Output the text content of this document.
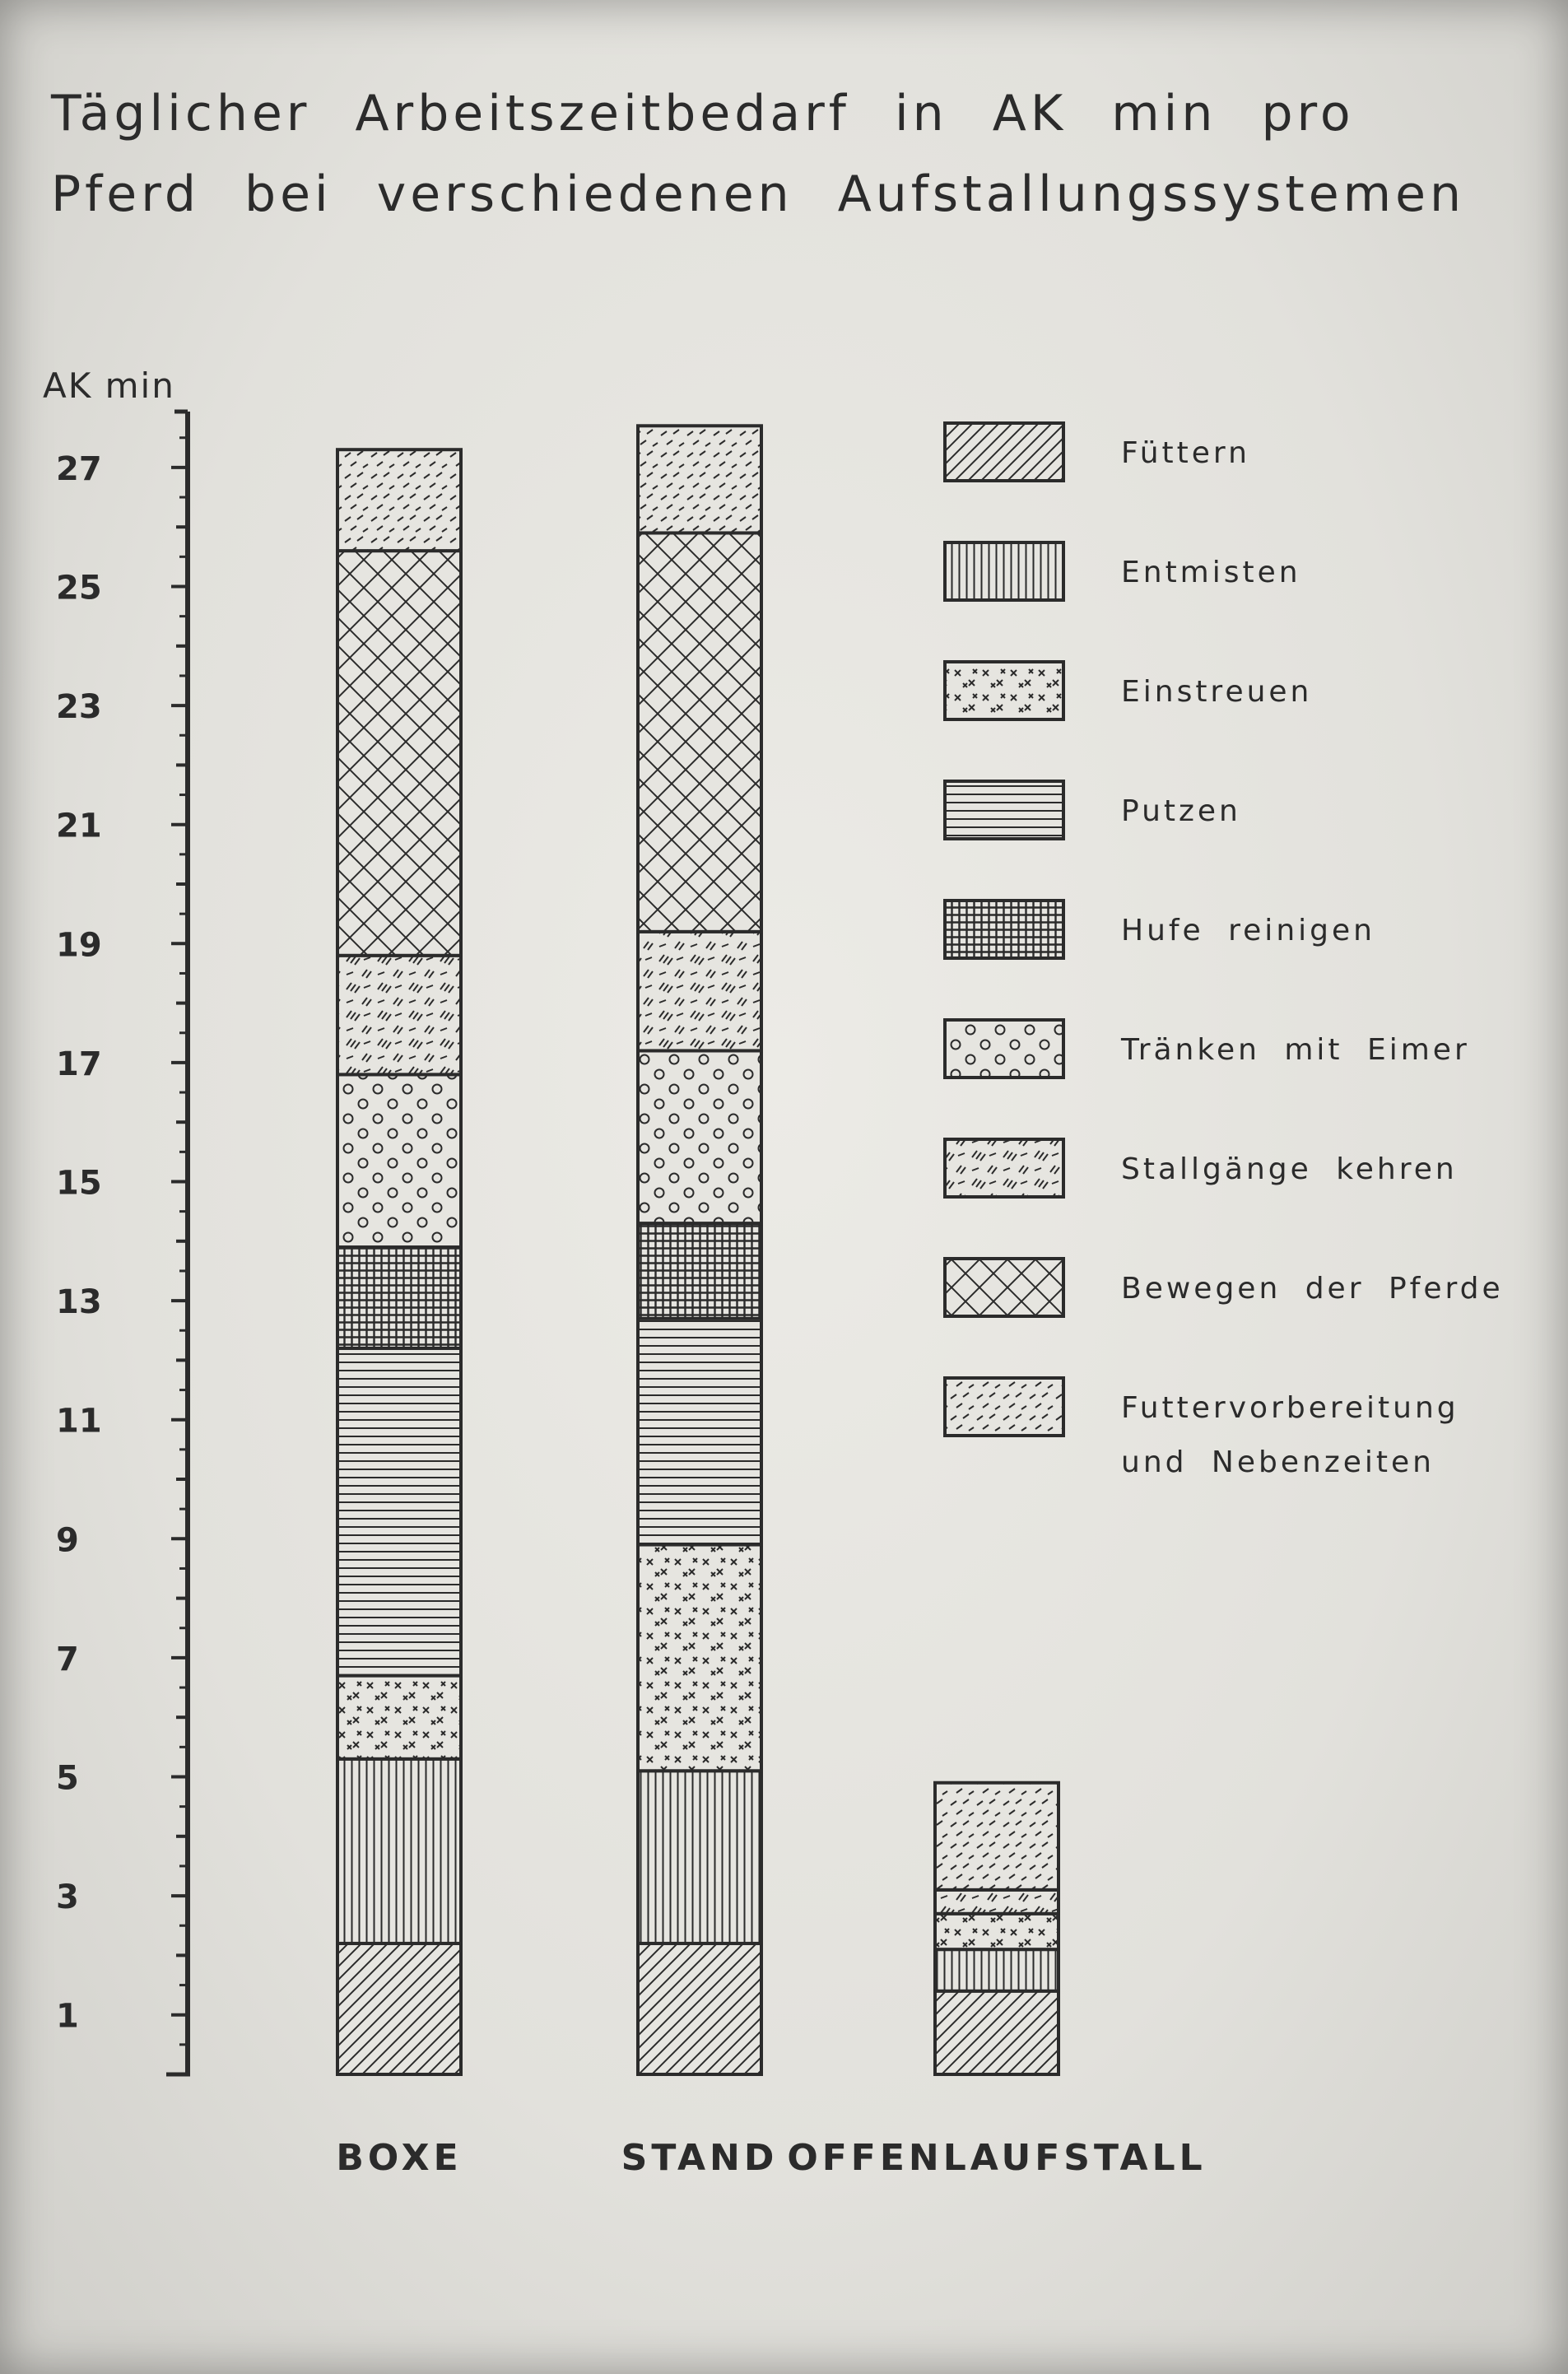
Täglicher Arbeitszeitbedarf in AK min pro
Pferd bei verschiedenen Aufstallungssystemen
AK min
1
3
5
7
9
11
13
15
17
19
21
23
25
27
BOXE	STAND OFFENLAUFSTALL
Füttern
Entmisten
Einstreuen
Putzen
Hufe reinigen
Tränken mit Eimer
Stallgänge kehren
Bewegen der Pferde
Futtervorbereitung
und Nebenzeiten
